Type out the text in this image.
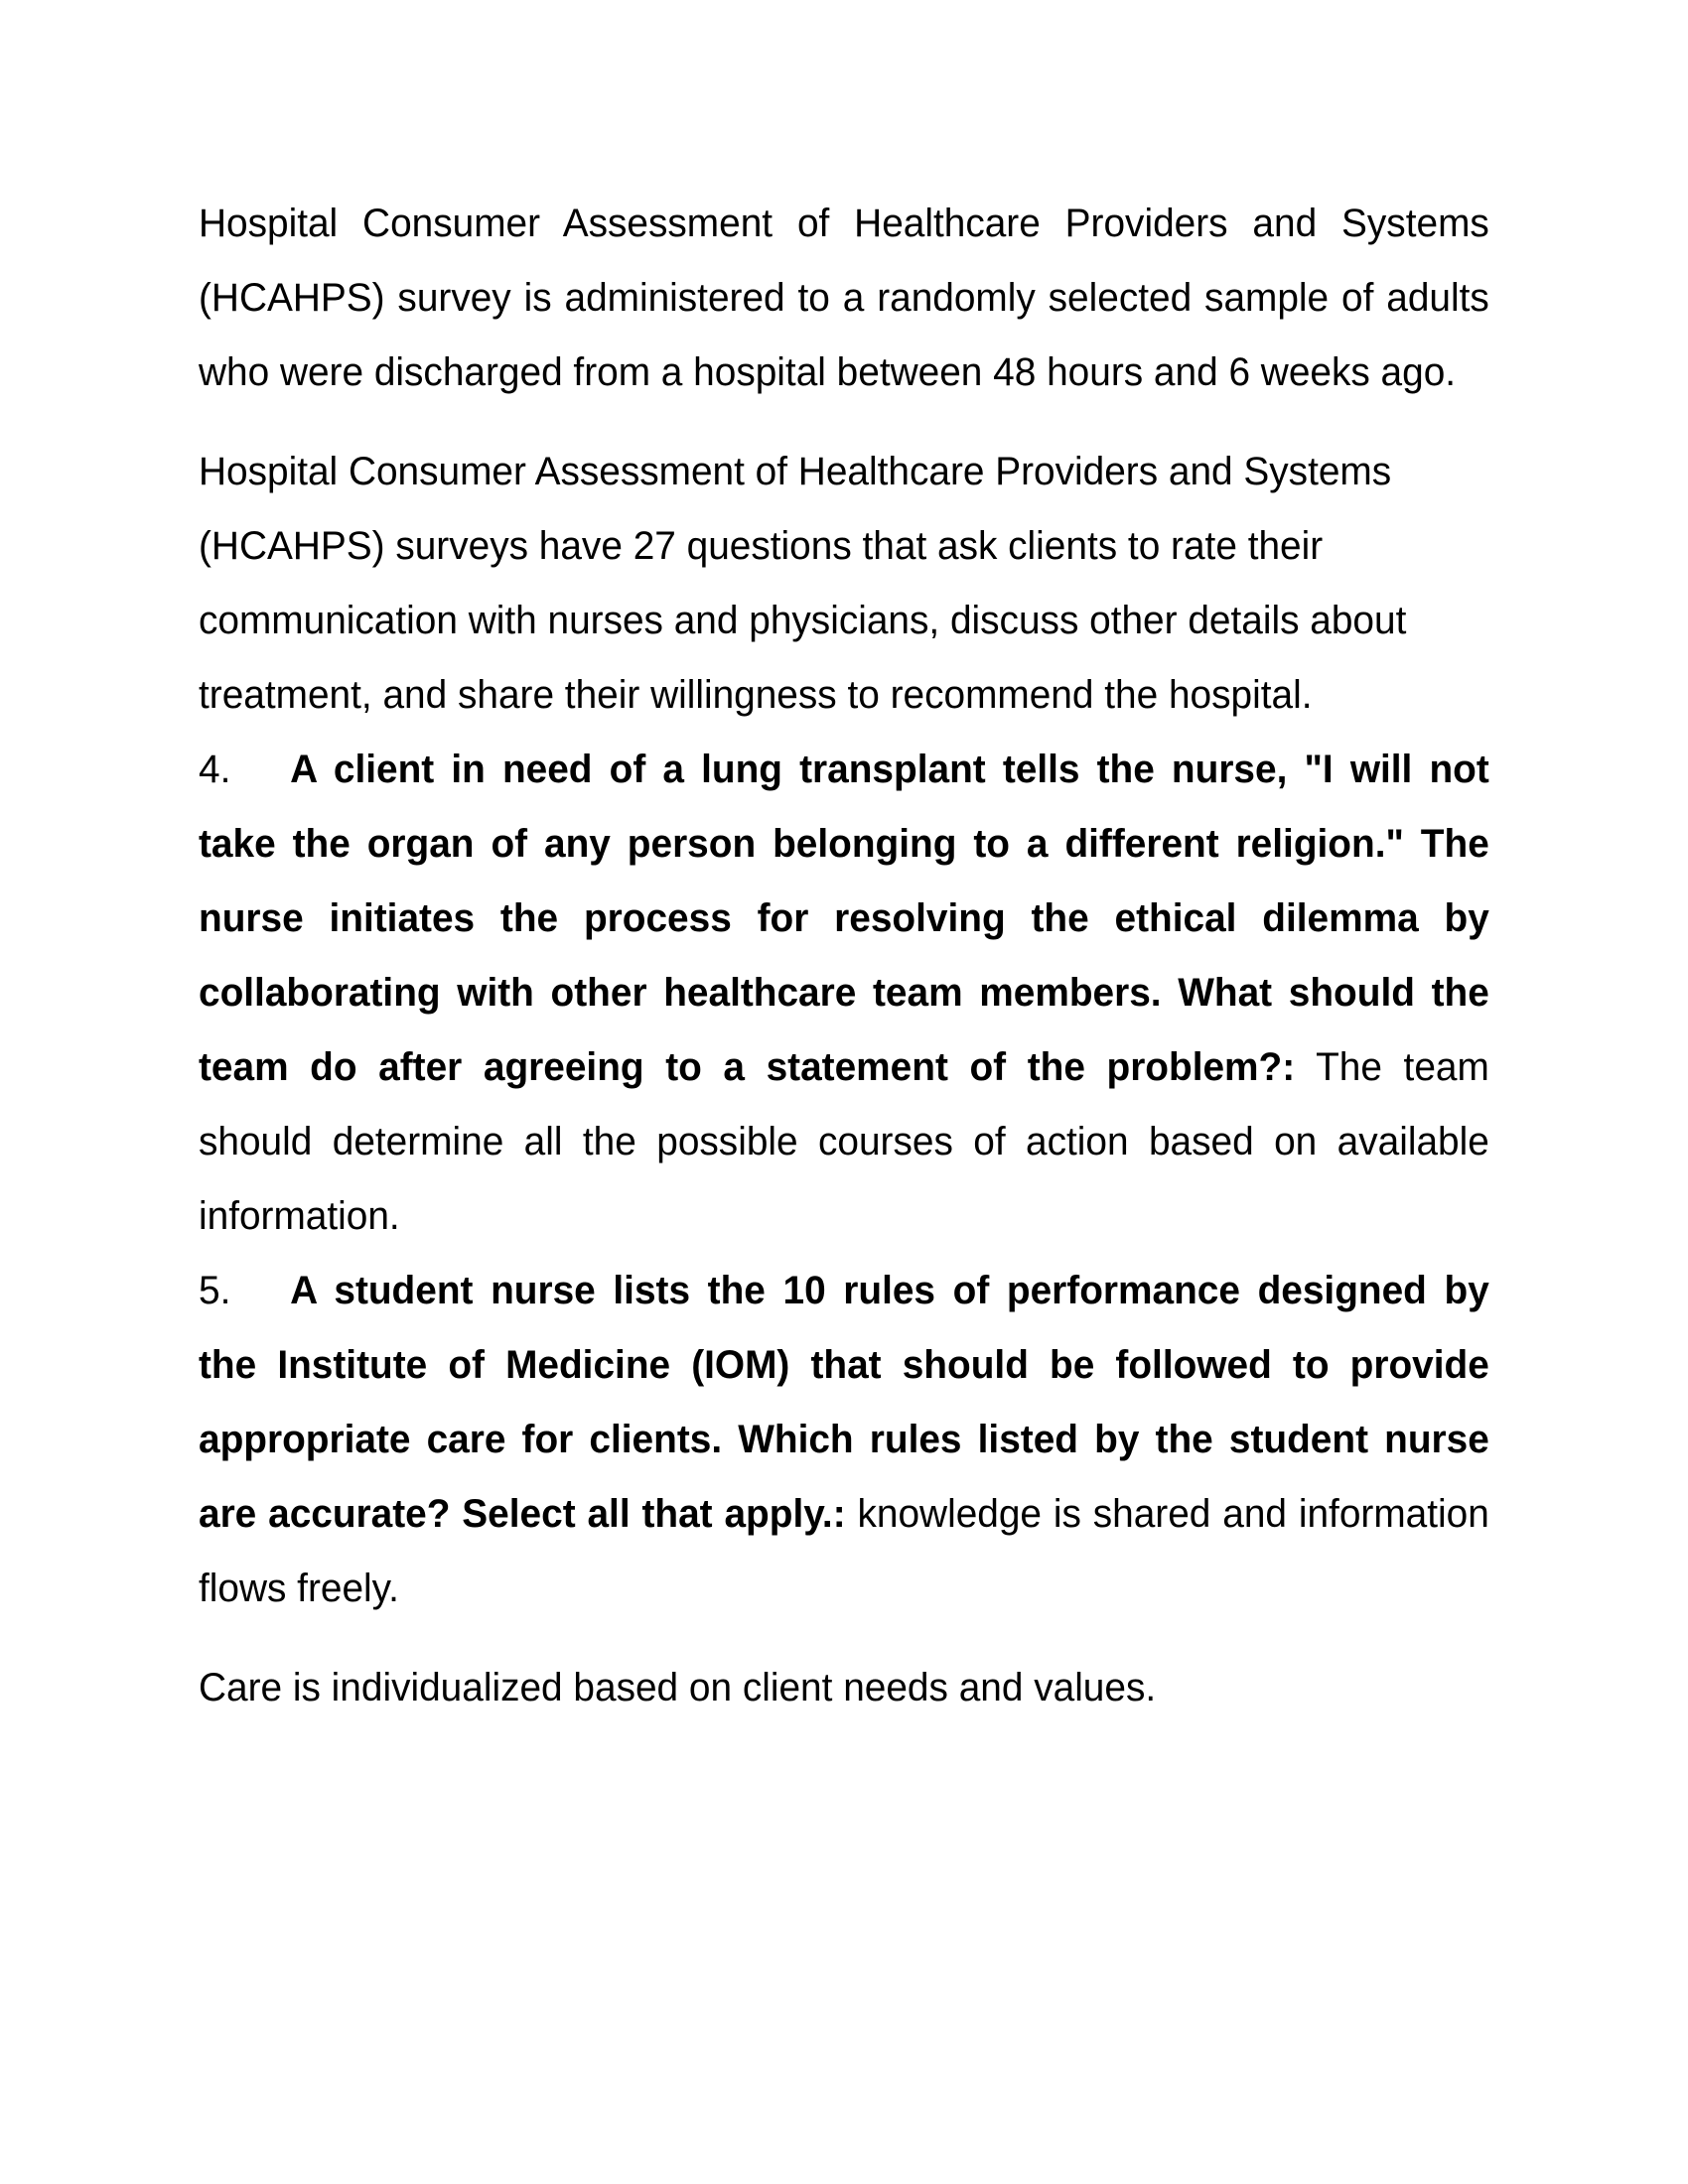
Hospital Consumer Assessment of Healthcare Providers and Systems (HCAHPS) survey is administered to a randomly selected sample of adults who were discharged from a hospital between 48 hours and 6 weeks ago.

Hospital Consumer Assessment of Healthcare Providers and Systems (HCAHPS) surveys have 27 questions that ask clients to rate their communication with nurses and physicians, discuss other details about treatment, and share their willingness to recommend the hospital.

4. A client in need of a lung transplant tells the nurse, "I will not take the organ of any person belonging to a different religion." The nurse initiates the process for resolving the ethical dilemma by collaborating with other healthcare team members. What should the team do after agreeing to a statement of the problem?: The team should determine all the possible courses of action based on available information.

5. A student nurse lists the 10 rules of performance designed by the Institute of Medicine (IOM) that should be followed to provide appropriate care for clients. Which rules listed by the student nurse are accurate? Select all that apply.: knowledge is shared and information flows freely.

Care is individualized based on client needs and values.
